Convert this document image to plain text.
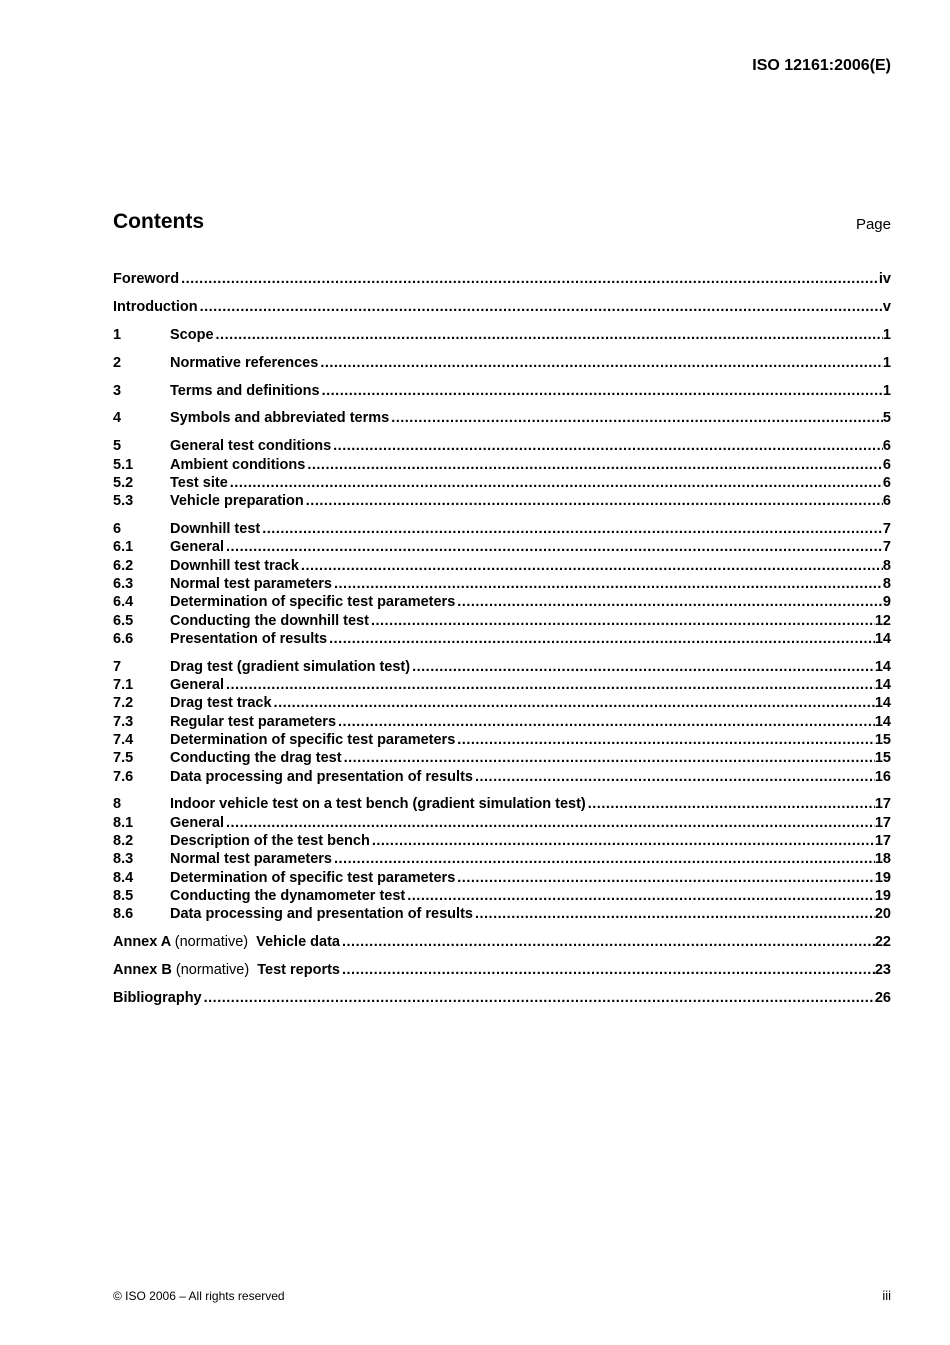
ISO 12161:2006(E)
Contents	Page
Foreword .....	iv
Introduction .....	v
1	Scope .....	1
2	Normative references .....	1
3	Terms and definitions .....	1
4	Symbols and abbreviated terms .....	5
5	General test conditions .....	6
5.1	Ambient conditions .....	6
5.2	Test site .....	6
5.3	Vehicle preparation .....	6
6	Downhill test .....	7
6.1	General .....	7
6.2	Downhill test track .....	8
6.3	Normal test parameters .....	8
6.4	Determination of specific test parameters .....	9
6.5	Conducting the downhill test .....	12
6.6	Presentation of results .....	14
7	Drag test (gradient simulation test) .....	14
7.1	General .....	14
7.2	Drag test track .....	14
7.3	Regular test parameters .....	14
7.4	Determination of specific test parameters .....	15
7.5	Conducting the drag test .....	15
7.6	Data processing and presentation of results .....	16
8	Indoor vehicle test on a test bench (gradient simulation test) .....	17
8.1	General .....	17
8.2	Description of the test bench .....	17
8.3	Normal test parameters .....	18
8.4	Determination of specific test parameters .....	19
8.5	Conducting the dynamometer test .....	19
8.6	Data processing and presentation of results .....	20
Annex A (normative) Vehicle data .....	22
Annex B (normative) Test reports .....	23
Bibliography .....	26
© ISO 2006 – All rights reserved	iii
